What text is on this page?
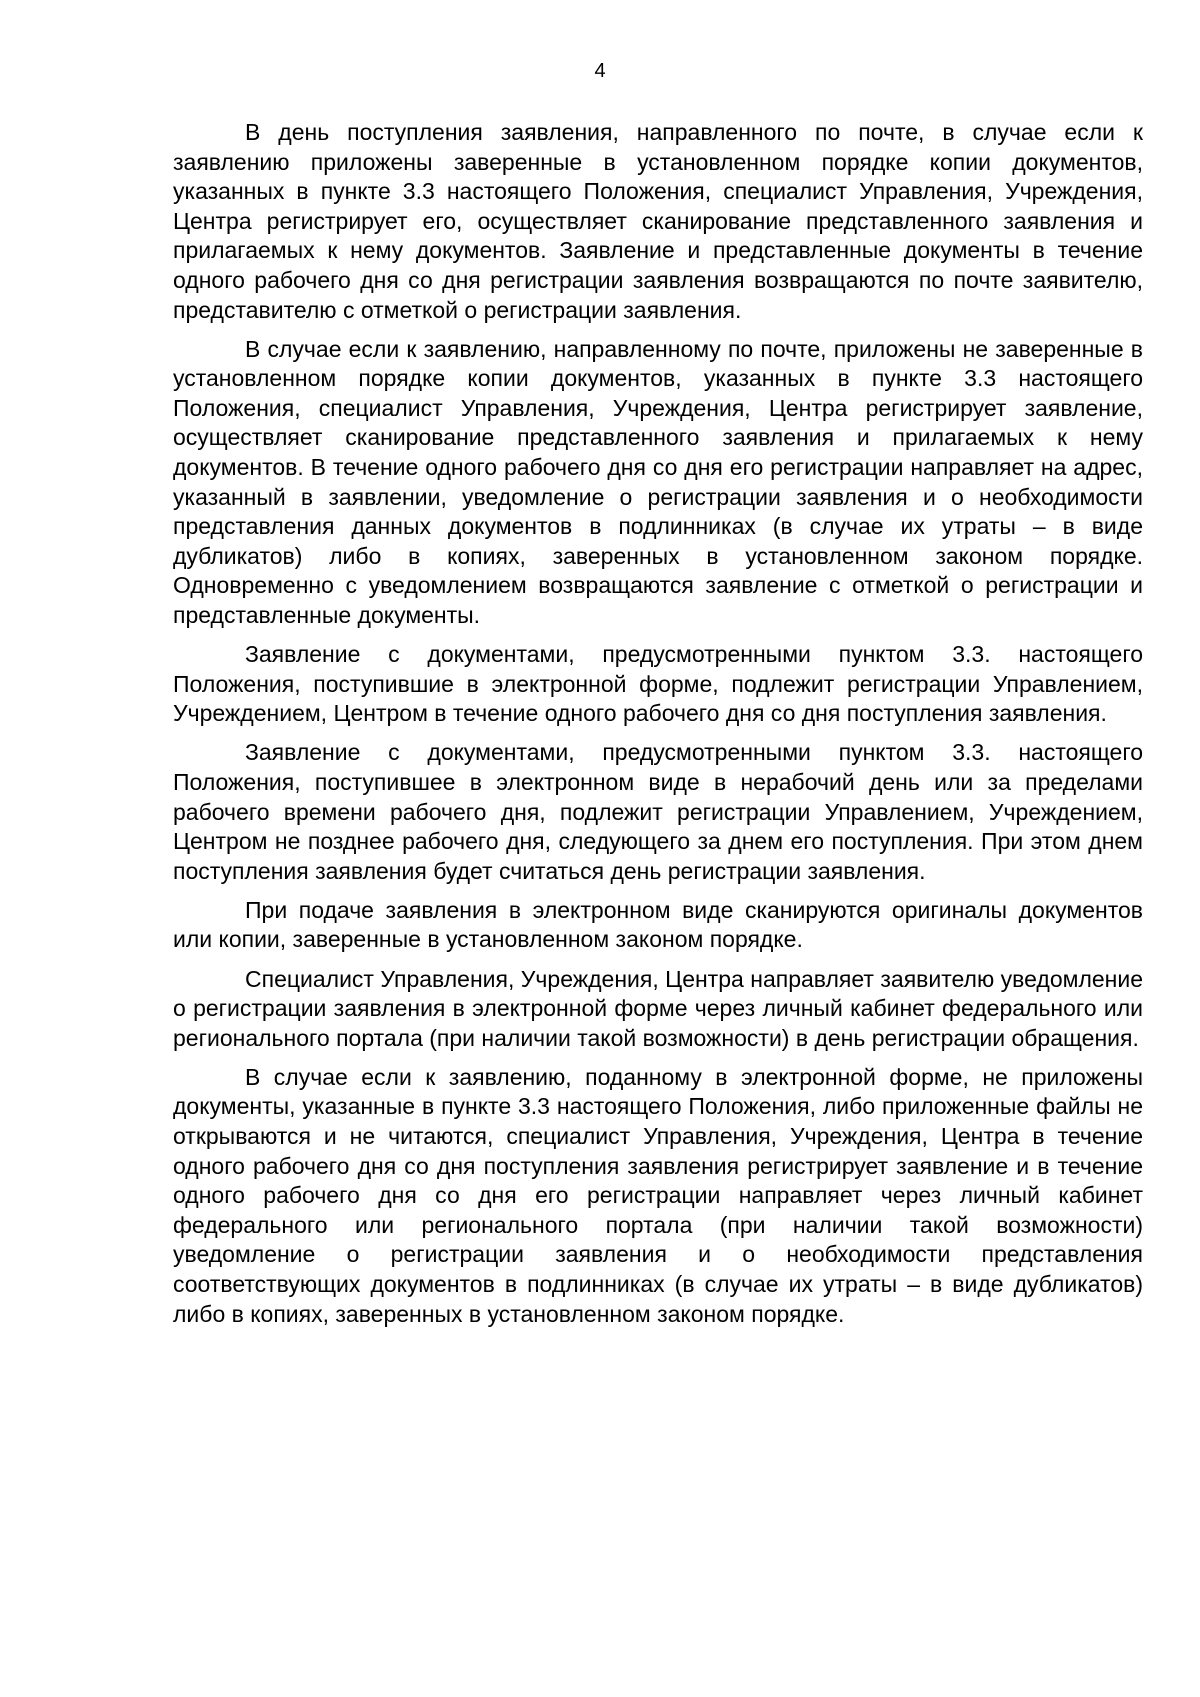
4

В день поступления заявления, направленного по почте, в случае если к заявлению приложены заверенные в установленном порядке копии документов, указанных в пункте 3.3 настоящего Положения, специалист Управления, Учреждения, Центра регистрирует его, осуществляет сканирование представленного заявления и прилагаемых к нему документов. Заявление и представленные документы в течение одного рабочего дня со дня регистрации заявления возвращаются по почте заявителю, представителю с отметкой о регистрации заявления.

В случае если к заявлению, направленному по почте, приложены не заверенные в установленном порядке копии документов, указанных в пункте 3.3 настоящего Положения, специалист Управления, Учреждения, Центра регистрирует заявление, осуществляет сканирование представленного заявления и прилагаемых к нему документов. В течение одного рабочего дня со дня его регистрации направляет на адрес, указанный в заявлении, уведомление о регистрации заявления и о необходимости представления данных документов в подлинниках (в случае их утраты – в виде дубликатов) либо в копиях, заверенных в установленном законом порядке. Одновременно с уведомлением возвращаются заявление с отметкой о регистрации и представленные документы.

Заявление с документами, предусмотренными пунктом 3.3. настоящего Положения, поступившие в электронной форме, подлежит регистрации Управлением, Учреждением, Центром в течение одного рабочего дня со дня поступления заявления.

Заявление с документами, предусмотренными пунктом 3.3. настоящего Положения, поступившее в электронном виде в нерабочий день или за пределами рабочего времени рабочего дня, подлежит регистрации Управлением, Учреждением, Центром не позднее рабочего дня, следующего за днем его поступления. При этом днем поступления заявления будет считаться день регистрации заявления.

При подаче заявления в электронном виде сканируются оригиналы документов или копии, заверенные в установленном законом порядке.

Специалист Управления, Учреждения, Центра направляет заявителю уведомление о регистрации заявления в электронной форме через личный кабинет федерального или регионального портала (при наличии такой возможности) в день регистрации обращения.

В случае если к заявлению, поданному в электронной форме, не приложены документы, указанные в пункте 3.3 настоящего Положения, либо приложенные файлы не открываются и не читаются, специалист Управления, Учреждения, Центра в течение одного рабочего дня со дня поступления заявления регистрирует заявление и в течение одного рабочего дня со дня его регистрации направляет через личный кабинет федерального или регионального портала (при наличии такой возможности) уведомление о регистрации заявления и о необходимости представления соответствующих документов в подлинниках (в случае их утраты – в виде дубликатов) либо в копиях, заверенных в установленном законом порядке.
